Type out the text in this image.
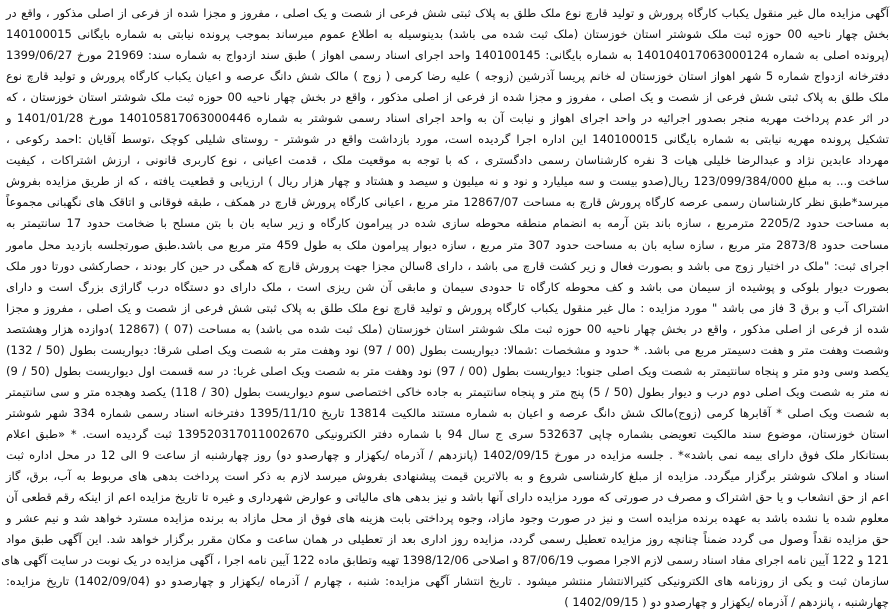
آگهی مزایده مال غیر منقول یکباب کارگاه پرورش و تولید قارچ نوع ملک طلق به پلاک ثبتی شش فرعی از شصت و یک اصلی ، مفروز و مجزا شده از فرعی از اصلی مذکور ، واقع در
بخش چهار ناحیه 00 حوزه ثبت ملک شوشتر استان خوزستان (ملک ثبت شده می باشد) بدینوسیله به اطلاع عموم میرساند بموجب پرونده نیابتی به شماره بایگانی 140100015
(پرونده اصلی به شماره 140104017063000124 به شماره بایگانی: 140100145 واحد اجرای اسناد رسمی اهواز ) طبق سند ازدواج به شماره سند: 21969 مورخ 1399/06/27
دفترخانه ازدواج شماره 5 شهر اهواز استان خوزستان له خانم پریسا آذرشین (زوجه ) علیه رضا کرمی ( زوج ) مالک شش دانگ عرصه و اعیان یکباب کارگاه پرورش و تولید قارچ نوع
ملک طلق به پلاک ثبتی شش فرعی از شصت و یک اصلی ، مفروز و مجزا شده از فرعی از اصلی مذکور ، واقع در بخش چهار ناحیه 00 حوزه ثبت ملک شوشتر استان خوزستان ، که
در اثر عدم پرداخت مهریه منجر بصدور اجرائیه در واحد اجرای اهواز و نیابت آن به واحد اجرای اسناد رسمی شوشتر به شماره 140105817063000446 مورخ 1401/01/28 و
تشکیل پرونده مهریه نیابتی به شماره بایگانی 140100015 این اداره اجرا گردیده است، مورد بازداشت واقع در شوشتر - روستای شلیلی کوچک ،توسط آقایان :احمد رکوعی ،
مهرداد عابدین نژاد و عبدالرضا خلیلی هیات 3 نفره کارشناسان رسمی دادگستری ، که با توجه به موقعیت ملک ، قدمت اعیانی ، نوع کاربری قانونی ، ارزش اشتراکات ، کیفیت
ساخت و... به مبلغ 123/099/384/000 ریال(صدو بیست و سه میلیارد و نود و نه میلیون و سیصد و هشتاد و چهار هزار ریال ) ارزیابی و قطعیت یافته ، که از طریق مزایده بفروش
میرسد*طبق نظر کارشناسان رسمی عرصه کارگاه پرورش قارچ به مساحت 12867/07 متر مربع ، اعیانی کارگاه پرورش قارچ در همکف ، طبقه فوقانی و اتاقک های نگهبانی مجموعاً
به مساحت حدود 2205/2 مترمربع ، سازه باند بتن آرمه به انضمام منطقه محوطه سازی شده در پیرامون کارگاه و زیر سایه بان با بتن مسلح با ضخامت حدود 17 سانتیمتر به
مساحت حدود 2873/8 متر مربع ، سازه سایه بان به مساحت حدود 307 متر مربع ، سازه دیوار پیرامون ملک به طول 459 متر مربع می باشد.طبق صورتجلسه بازدید محل مامور
اجرای ثبت: "ملک در اختیار زوج می باشد و بصورت فعال و زیر کشت قارچ می باشد ، دارای 8سالن مجزا جهت پرورش قارچ که همگی در حین کار بودند ، حصارکشی دورتا دور ملک
بصورت دیوار بلوکی و پوشیده از سیمان می باشد و کف محوطه کارگاه تا حدودی سیمان و مابقی آن شن ریزی است ، ملک دارای دو دستگاه درب گاراژی بزرگ است و دارای
اشتراک آب و برق 3 فاز می باشد " مورد مزایده : مال غیر منقول یکباب کارگاه پرورش و تولید قارچ نوع ملک طلق به پلاک ثبتی شش فرعی از شصت و یک اصلی ، مفروز و مجزا
شده از فرعی از اصلی مذکور ، واقع در بخش چهار ناحیه 00 حوزه ثبت ملک شوشتر استان خوزستان (ملک ثبت شده می باشد) به مساحت (07 ) (12867 )دوازده هزار وهشتصد
وشصت وهفت متر و هفت دسیمتر مربع می باشد. * حدود و مشخصات :شمالا: دیواریست بطول (00 / 97) نود وهفت متر به شصت ویک اصلی شرقا: دیواریست بطول (50 / 132)
یکصد وسی ودو متر و پنجاه سانتیمتر به شصت ویک اصلی جنوبا: دیواریست بطول (00 / 97) نود وهفت متر به شصت ویک اصلی غربا: در سه قسمت اول دیواریست بطول (50 / 9)
نه متر به شصت ویک اصلی دوم درب و دیوار بطول (50 / 5) پنج متر و پنجاه سانتیمتر به جاده خاکی اختصاصی سوم دیواریست بطول (30 / 118) یکصد وهجده متر و سی سانتیمتر
به شصت ویک اصلی * آقابرها کرمی (زوج)مالک شش دانگ عرصه و اعیان به شماره مستند مالکیت 13814 تاریخ 1395/11/10 دفترخانه اسناد رسمی شماره 334 شهر شوشتر
استان خوزستان، موضوع سند مالکیت تعویضی بشماره چاپی 532637 سری ج سال 94 با شماره دفتر الکترونیکی 139520317011002670 ثبت گردیده است. * «طبق اعلام
بستانکار ملک فوق دارای بیمه نمی باشد»* . جلسه مزایده در مورخ 1402/09/15 (پانزدهم / آذرماه /یکهزار و چهارصدو دو) روز چهارشنبه از ساعت 9 الی 12 در محل اداره ثبت
اسناد و املاک شوشتر برگزار میگردد. مزایده از مبلغ کارشناسی شروع و به بالاترین قیمت پیشنهادی بفروش میرسد لازم به ذکر است پرداخت بدهی های مربوط به آب، برق، گاز
اعم از حق انشعاب و یا حق اشتراک و مصرف در صورتی که مورد مزایده دارای آنها باشد و نیز بدهی های مالیاتی و عوارض شهرداری و غیره تا تاریخ مزایده اعم از اینکه رقم قطعی آن
معلوم شده یا نشده باشد به عهده برنده مزایده است و نیز در صورت وجود مازاد، وجوه پرداختی بابت هزینه های فوق از محل مازاد به برنده مزایده مسترد خواهد شد و نیم عشر و
حق مزایده نقداً وصول می گردد ضمناً چنانچه روز مزایده تعطیل رسمی گردد، مزایده روز اداری بعد از تعطیلی در همان ساعت و مکان مقرر برگزار خواهد شد. این آگهی طبق مواد
121 و 122 آیین نامه اجرای مفاد اسناد رسمی لازم الاجرا مصوب 87/06/19 و اصلاحی 1398/12/06 تهیه وتطابق ماده 122 آیین نامه اجرا ، آگهی مزایده در یک نوبت در سایت آگهی های
سازمان ثبت و یکی از روزنامه های الکترونیکی کثیرالانتشار منتشر میشود . تاریخ انتشار آگهی مزایده: شنبه ، چهارم / آذرماه /یکهزار و چهارصدو دو (1402/09/04) تاریخ مزایده:
چهارشنبه ، پانزدهم / آذرماه /یکهزار و چهارصدو دو ( 1402/09/15 )
